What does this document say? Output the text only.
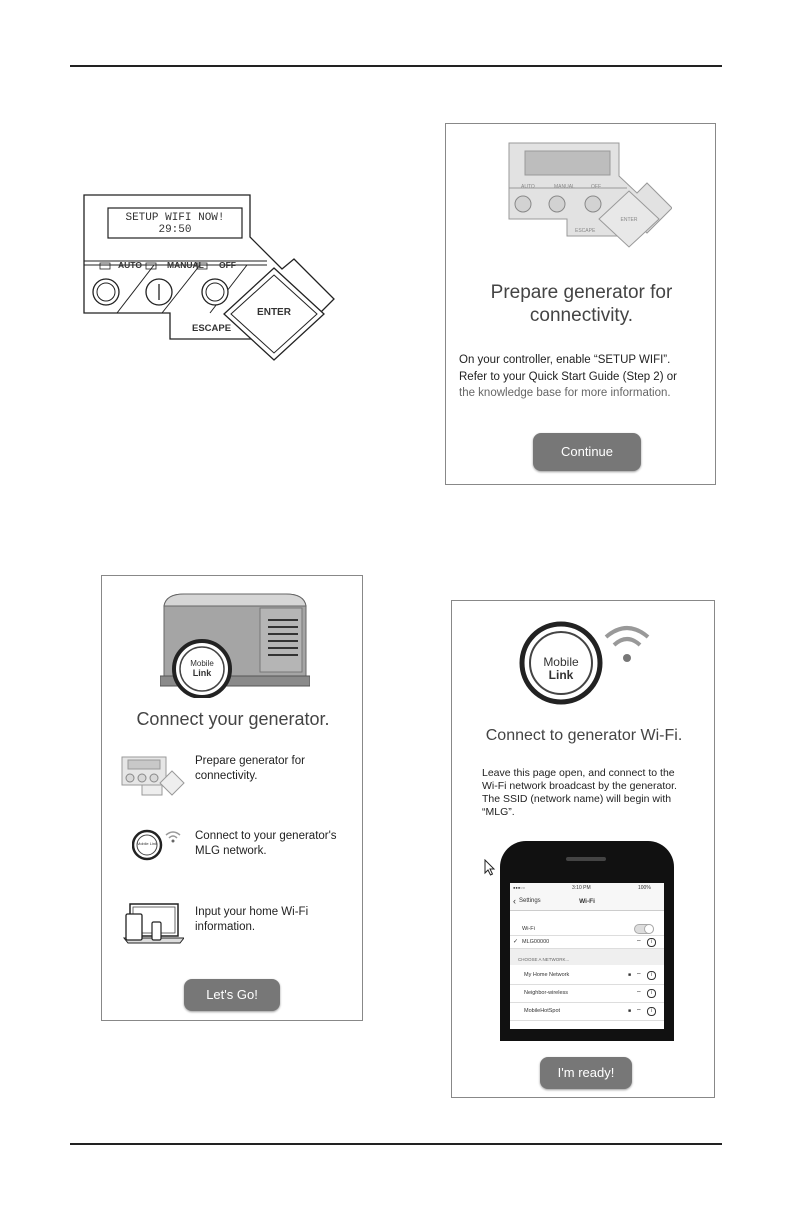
SETUP WIFI NOW!
29:50
AUTO	MANUAL OFF
ESCAPE
ENTER
AUTO	MANUAL	OFF
ESCAPE
ENTER
Prepare generator for
connectivity.
On your controller, enable “SETUP WIFI”.
Refer to your Quick Start Guide (Step 2) or
the knowledge base for more information.
Continue
Mobile
Link
Connect your generator.
Prepare generator for
connectivity.
Mobile Link
Connect to your generator's
MLG network.
Input your home Wi-Fi
information.
Let's Go!
Mobile
Link
Connect to generator Wi-Fi.
Leave this page open, and connect to the
Wi-Fi network broadcast by the generator.
The SSID (network name) will begin with
“MLG”.
●●●○○	3:10 PM	100%
‹ Settings	Wi-Fi
Wi-Fi
✓ MLG00000	⌔	i
CHOOSE A NETWORK...
My Home Network	■ ⌔	i
Neighbor-wireless	⌔	i
MobileHotSpot	■ ⌔	i
I'm ready!
